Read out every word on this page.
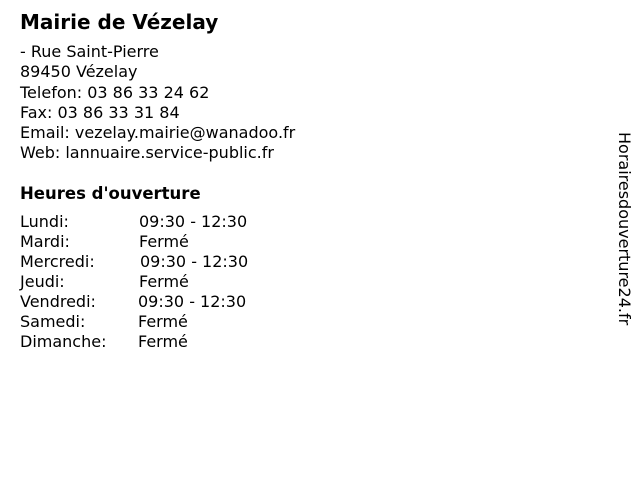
Mairie de Vézelay
- Rue Saint-Pierre
89450 Vézelay
Telefon: 03 86 33 24 62
Fax: 03 86 33 31 84
Email: vezelay.mairie@wanadoo.fr
Web: lannuaire.service-public.fr
Heures d'ouverture
Lundi:	09:30 - 12:30
Mardi:	Fermé
Mercredi:	09:30 - 12:30
Jeudi:	Fermé
Vendredi:	09:30 - 12:30
Samedi:	Fermé
Dimanche: Fermé
Horairesdouverture24.fr
